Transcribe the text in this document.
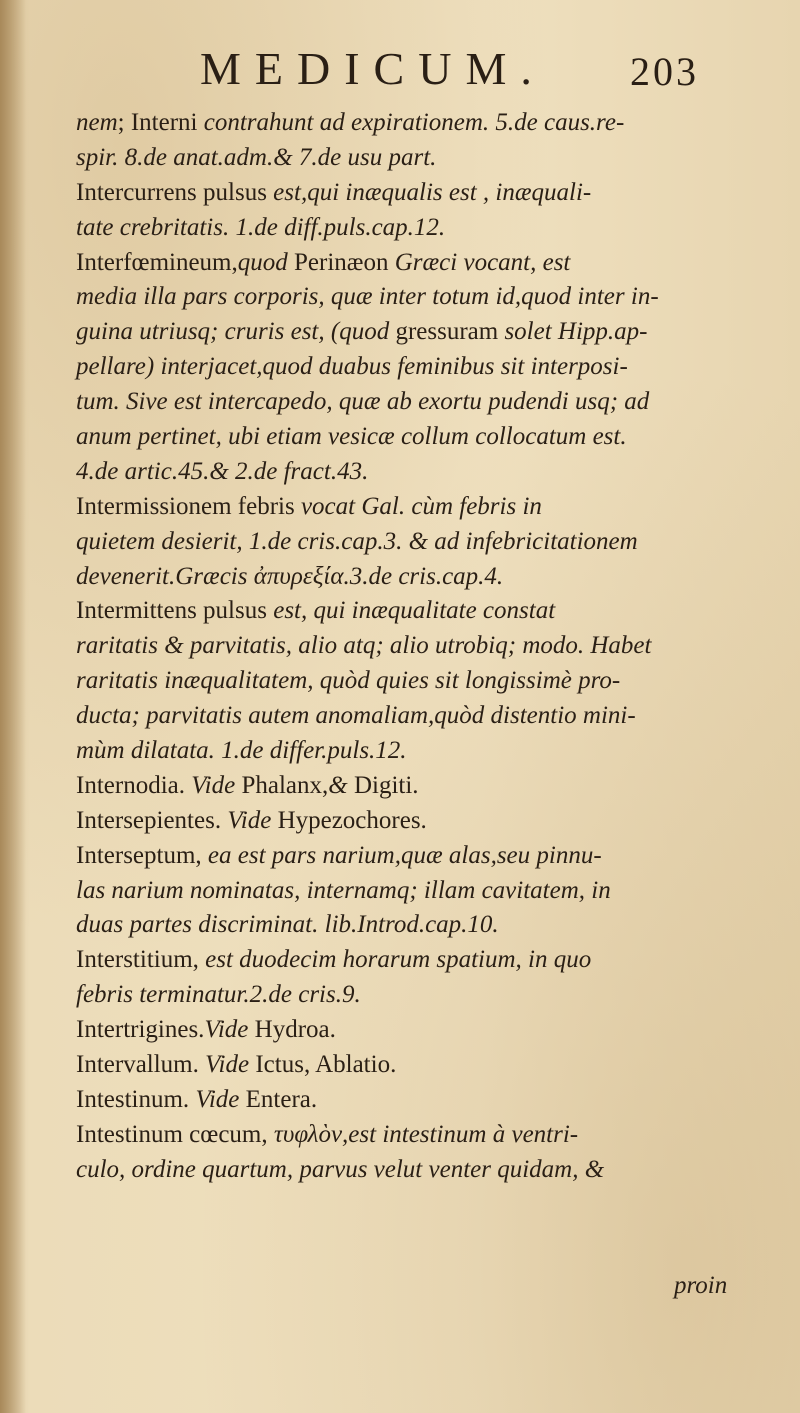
MEDICUM. 203
nem; Interni contrahunt ad expirationem. 5.de caus.re-
spir. 8.de anat.adm.& 7.de usu part.
Intercurrens pulsus est,qui inæqualis est , inæquali-
tate crebritatis. 1.de diff.puls.cap.12.
Interfœmineum,quod Perinæon Græci vocant, est
media illa pars corporis, quæ inter totum id,quod inter in-
guina utriusq; cruris est, (quod gressuram solet Hipp.ap-
pellare) interjacet,quod duabus feminibus sit interposi-
tum. Sive est intercapedo, quæ ab exortu pudendi usq; ad
anum pertinet, ubi etiam vesicæ collum collocatum est.
4.de artic.45.& 2.de fract.43.
Intermissionem febris vocat Gal. cùm febris in
quietem desierit, 1.de cris.cap.3. & ad infebricitationem
devenerit.Græcis ἀπυρεξία.3.de cris.cap.4.
Intermittens pulsus est, qui inæqualitate constat
raritatis & parvitatis, alio atq; alio utrobiq; modo. Habet
raritatis inæqualitatem, quòd quies sit longissimè pro-
ducta; parvitatis autem anomaliam,quòd distentio mini-
mùm dilatata. 1.de differ.puls.12.
Internodia. Vide Phalanx,& Digiti.
Intersepientes. Vide Hypezochores.
Interseptum, ea est pars narium,quæ alas,seu pinnu-
las narium nominatas, internamq; illam cavitatem, in
duas partes discriminat. lib.Introd.cap.10.
Interstitium, est duodecim horarum spatium, in quo
febris terminatur.2.de cris.9.
Intertrigines.Vide Hydroa.
Intervallum. Vide Ictus, Ablatio.
Intestinum. Vide Entera.
Intestinum cœcum, τυφλὸν,est intestinum à ventri-
culo, ordine quartum, parvus velut venter quidam, &
proin
